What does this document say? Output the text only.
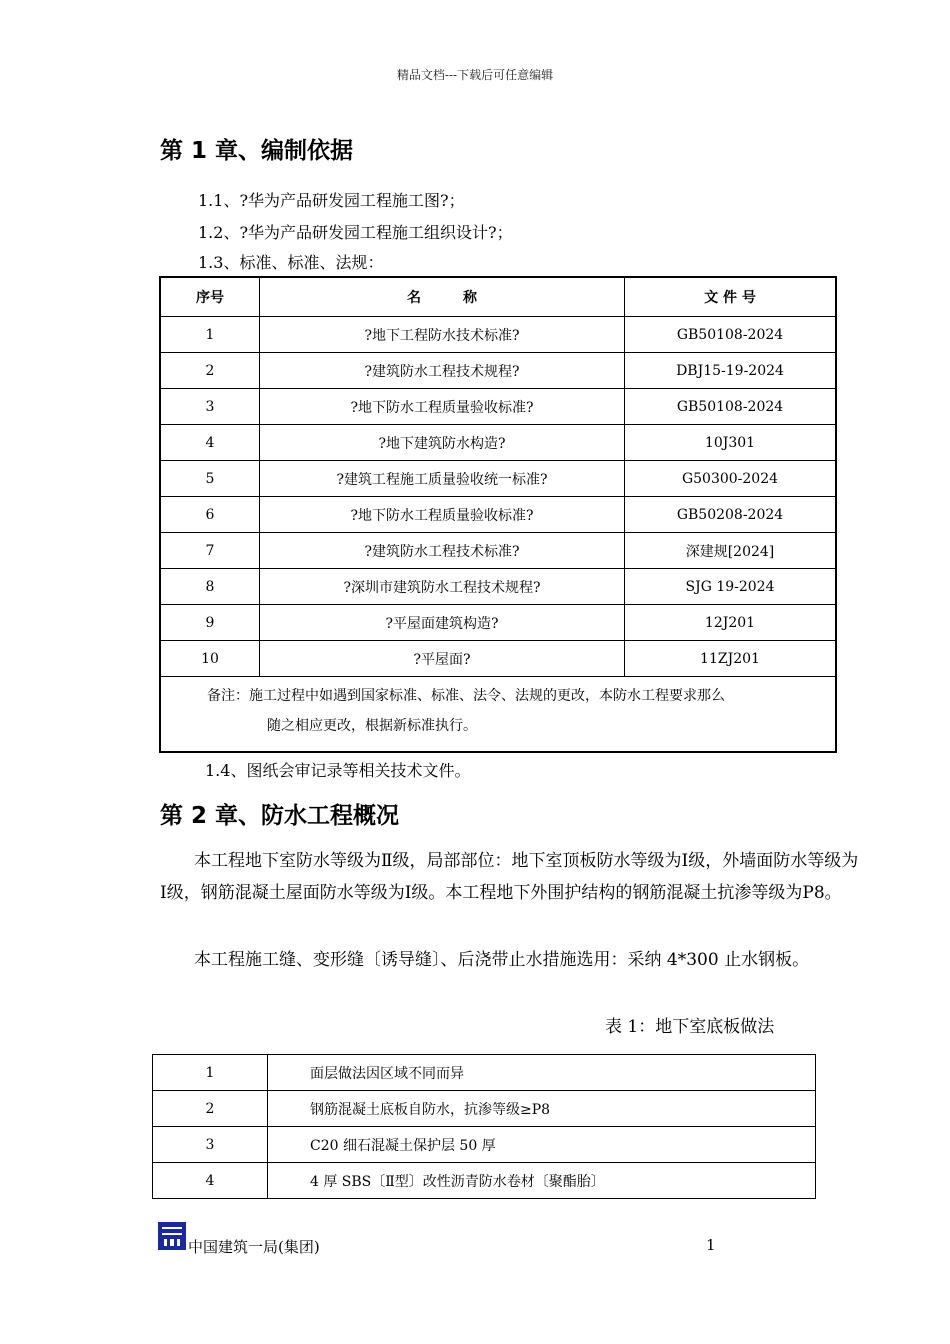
精品文档---下载后可任意编辑
第 1 章、编制依据
1.1、?华为产品研发园工程施工图?；
1.2、?华为产品研发园工程施工组织设计?；
1.3、标准、标准、法规：
序号	名　　　称	文 件 号
1	?地下工程防水技术标准?	GB50108-2024
2	?建筑防水工程技术规程?	DBJ15-19-2024
3	?地下防水工程质量验收标准?	GB50108-2024
4	?地下建筑防水构造?	10J301
5	?建筑工程施工质量验收统一标准?	G50300-2024
6	?地下防水工程质量验收标准?	GB50208-2024
7	?建筑防水工程技术标准?	深建规[2024]
8	?深圳市建筑防水工程技术规程?	SJG 19-2024
9	?平屋面建筑构造?	12J201
10	?平屋面?	11ZJ201

备注：施工过程中如遇到国家标准、标准、法令、法规的更改，本防水工程要求那么
随之相应更改，根据新标准执行。		
1.4、图纸会审记录等相关技术文件。
第 2 章、防水工程概况
本工程地下室防水等级为Ⅱ级，局部部位：地下室顶板防水等级为Ⅰ级，外墙面防水等级为Ⅰ级，钢筋混凝土屋面防水等级为Ⅰ级。本工程地下外围护结构的钢筋混凝土抗渗等级为P8。
本工程施工缝、变形缝〔诱导缝〕、后浇带止水措施选用：采纳 4*300 止水钢板。
表 1：地下室底板做法
1	面层做法因区域不同而异
2	钢筋混凝土底板自防水，抗渗等级≥P8
3	C20 细石混凝土保护层 50 厚
4	4 厚 SBS〔Ⅱ型〕改性沥青防水卷材〔聚酯胎〕
中国建筑一局(集团)	1
